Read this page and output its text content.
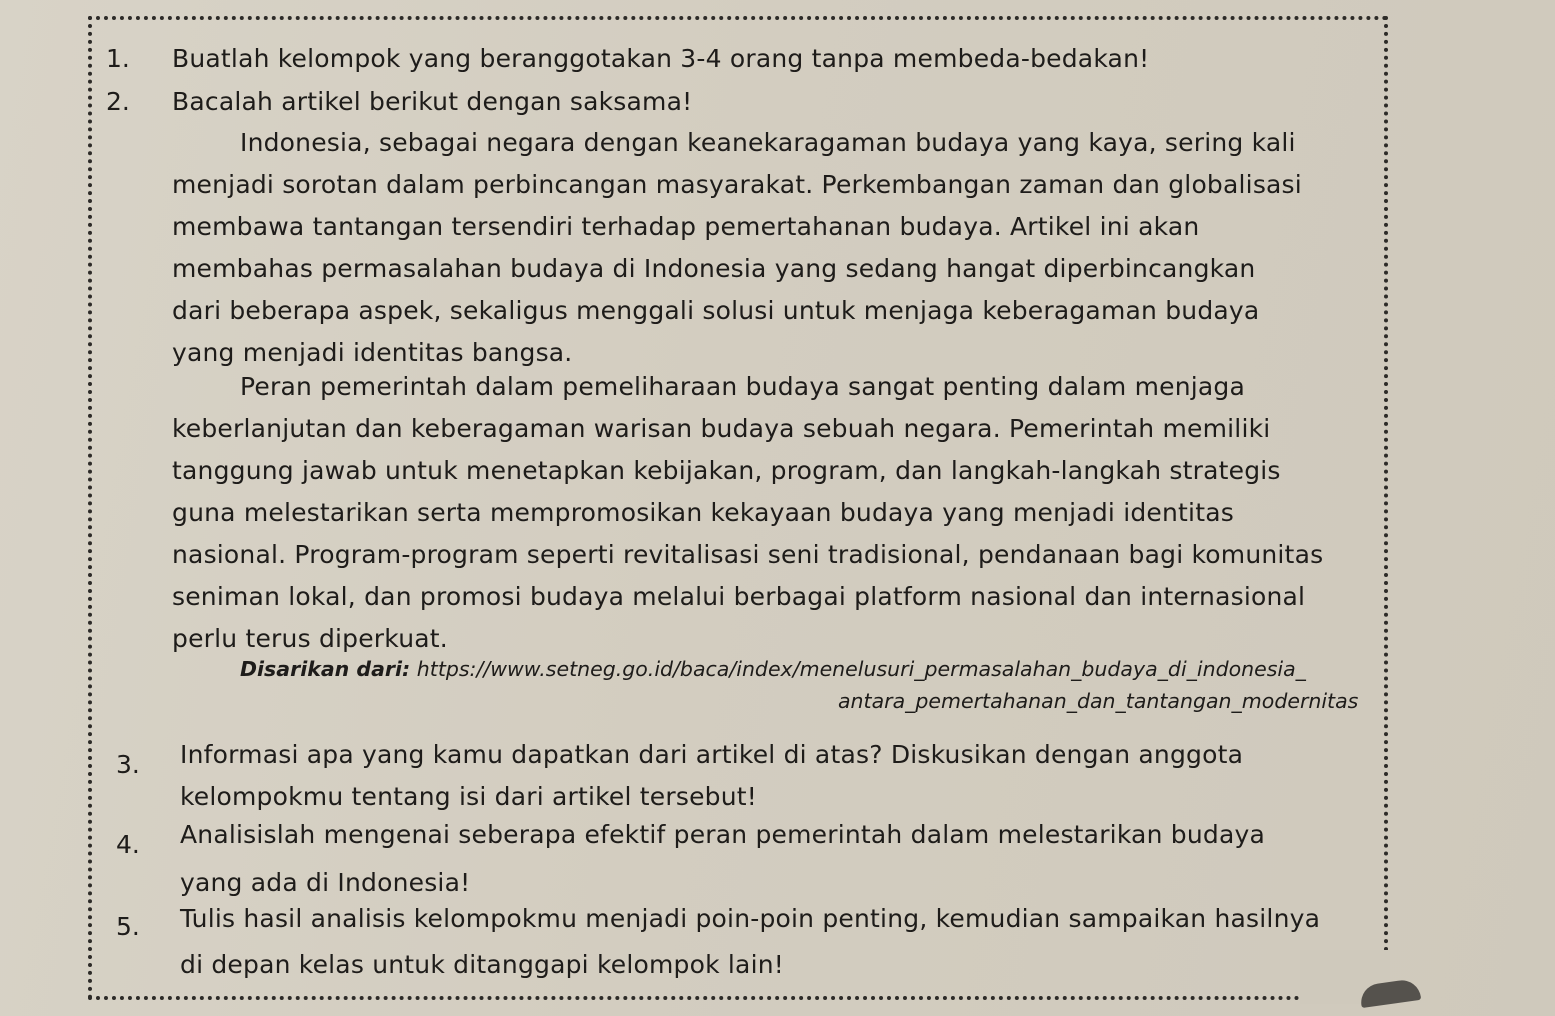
1. Buatlah kelompok yang beranggotakan 3-4 orang tanpa membeda-bedakan!
2. Bacalah artikel berikut dengan saksama!
Indonesia, sebagai negara dengan keanekaragaman budaya yang kaya, sering kali
menjadi sorotan dalam perbincangan masyarakat. Perkembangan zaman dan globalisasi
membawa tantangan tersendiri terhadap pemertahanan budaya. Artikel ini akan
membahas permasalahan budaya di Indonesia yang sedang hangat diperbincangkan
dari beberapa aspek, sekaligus menggali solusi untuk menjaga keberagaman budaya
yang menjadi identitas bangsa.
Peran pemerintah dalam pemeliharaan budaya sangat penting dalam menjaga
keberlanjutan dan keberagaman warisan budaya sebuah negara. Pemerintah memiliki
tanggung jawab untuk menetapkan kebijakan, program, dan langkah-langkah strategis
guna melestarikan serta mempromosikan kekayaan budaya yang menjadi identitas
nasional. Program-program seperti revitalisasi seni tradisional, pendanaan bagi komunitas
seniman lokal, dan promosi budaya melalui berbagai platform nasional dan internasional
perlu terus diperkuat.
Disarikan dari: https://www.setneg.go.id/baca/index/menelusuri_permasalahan_budaya_di_indonesia_
antara_pemertahanan_dan_tantangan_modernitas
3. Informasi apa yang kamu dapatkan dari artikel di atas? Diskusikan dengan anggota
kelompokmu tentang isi dari artikel tersebut!
4. Analisislah mengenai seberapa efektif peran pemerintah dalam melestarikan budaya
yang ada di Indonesia!
5. Tulis hasil analisis kelompokmu menjadi poin-poin penting, kemudian sampaikan hasilnya
di depan kelas untuk ditanggapi kelompok lain!
